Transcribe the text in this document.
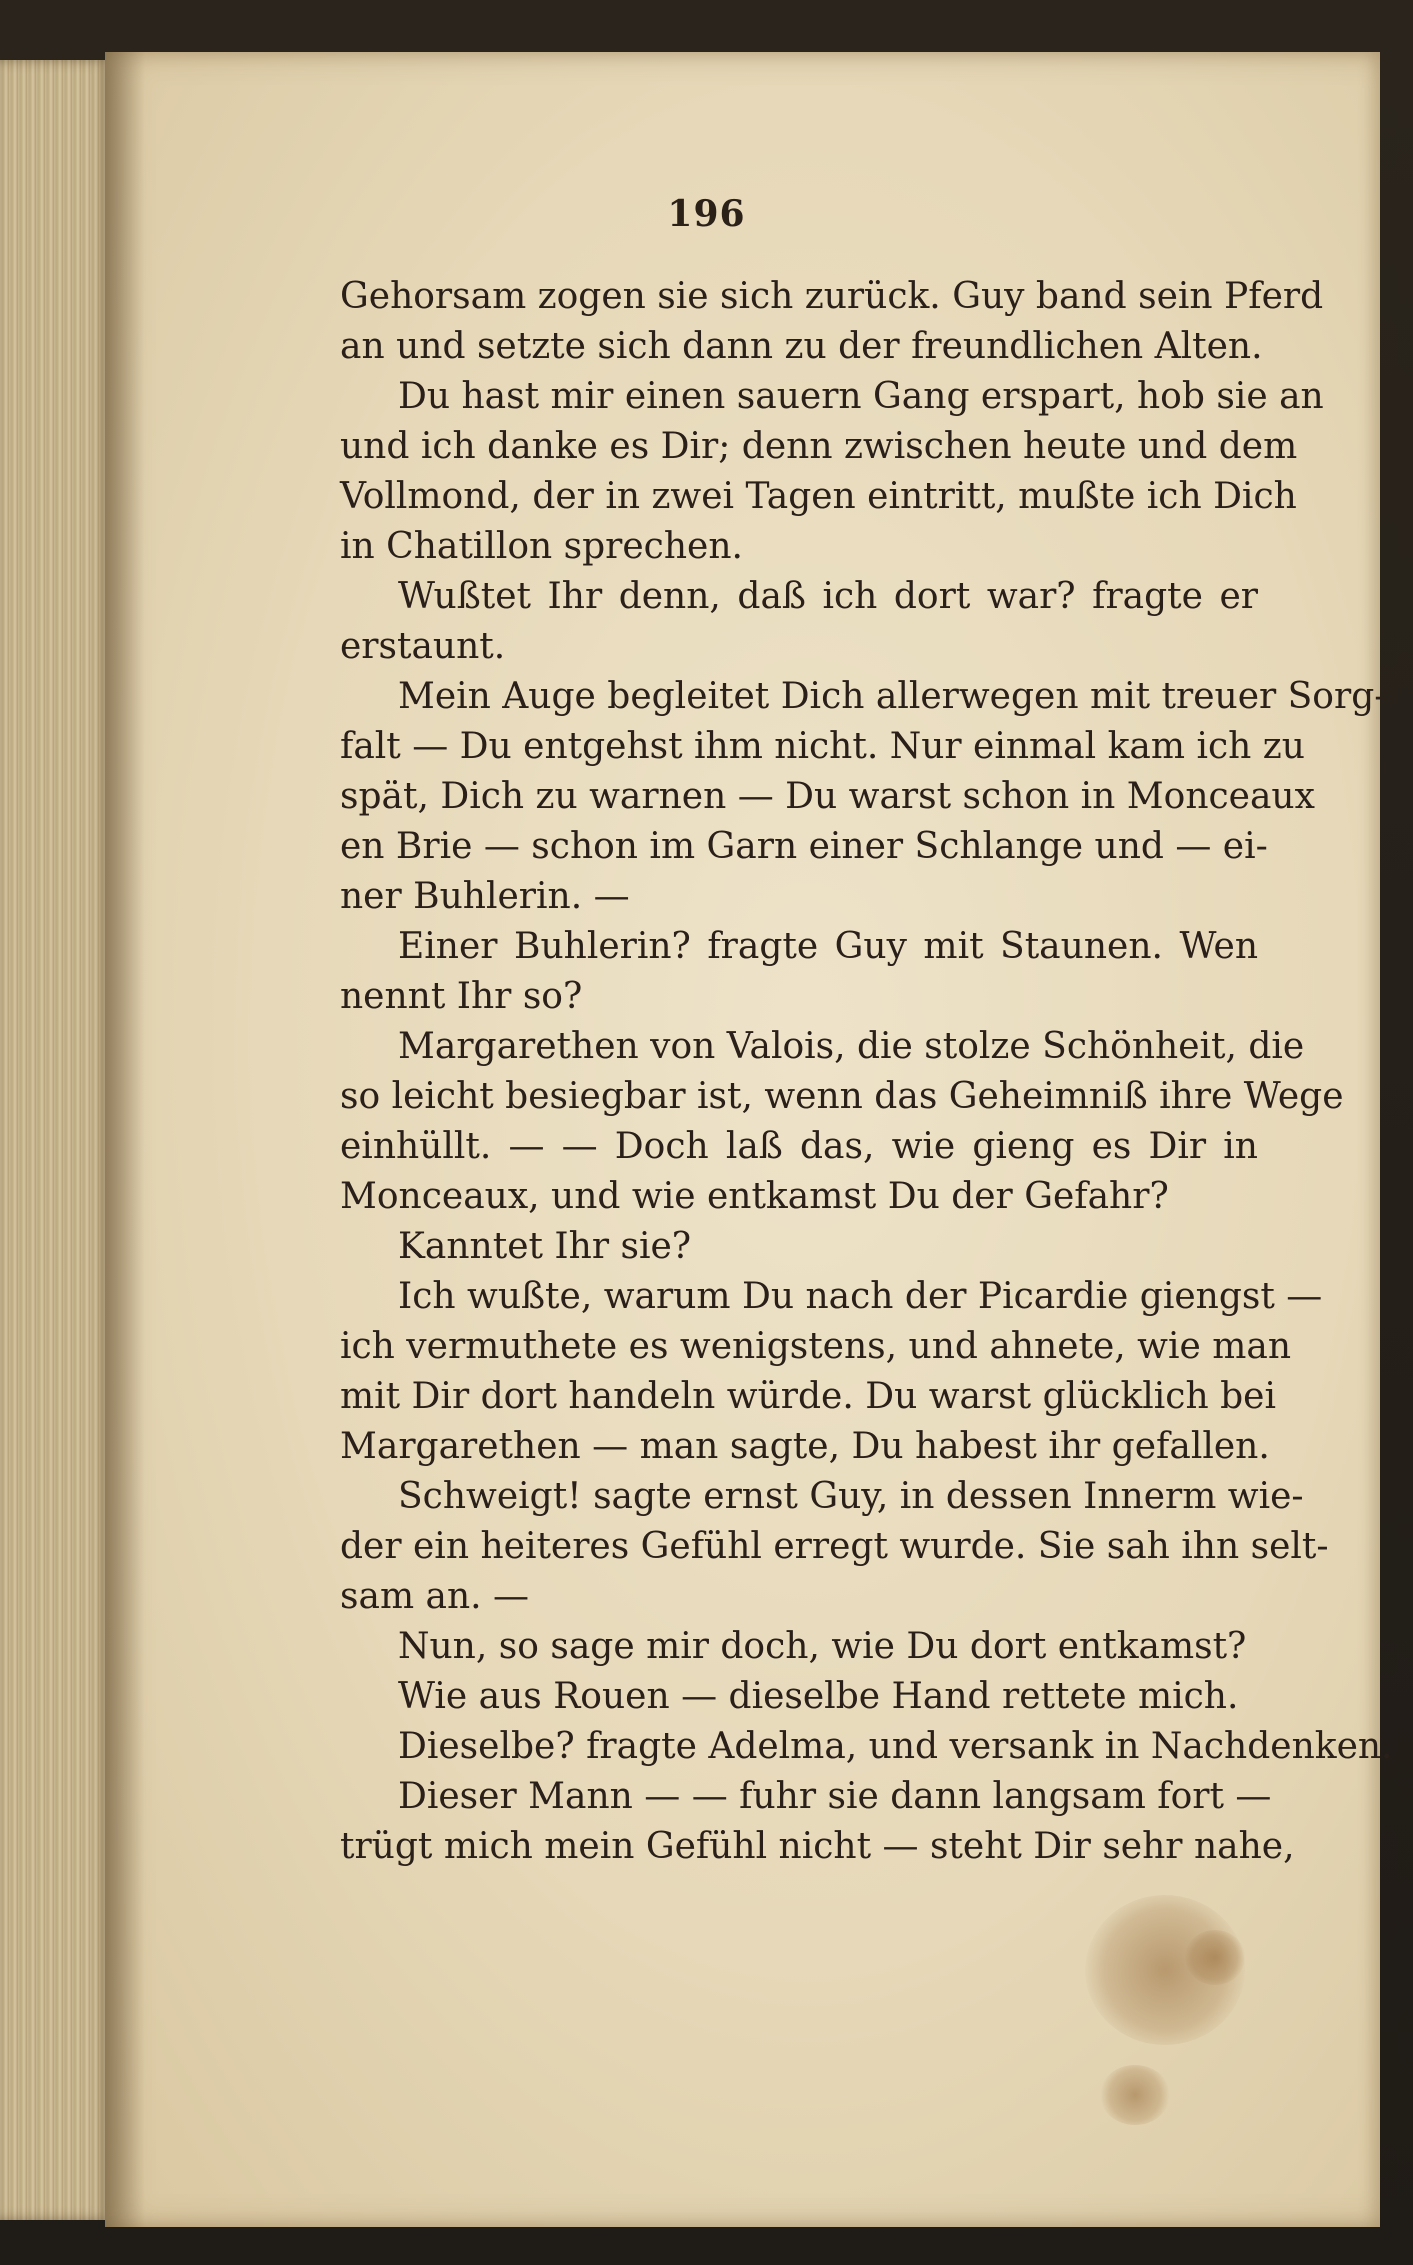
196
Gehorsam zogen sie sich zurück. Guy band sein Pferd
an und setzte sich dann zu der freundlichen Alten.
Du hast mir einen sauern Gang erspart, hob sie an
und ich danke es Dir; denn zwischen heute und dem
Vollmond, der in zwei Tagen eintritt, mußte ich Dich
in Chatillon sprechen.
Wußtet Ihr denn, daß ich dort war? fragte er
erstaunt.
Mein Auge begleitet Dich allerwegen mit treuer Sorg-
falt — Du entgehst ihm nicht. Nur einmal kam ich zu
spät, Dich zu warnen — Du warst schon in Monceaux
en Brie — schon im Garn einer Schlange und — ei-
ner Buhlerin. —
Einer Buhlerin? fragte Guy mit Staunen. Wen
nennt Ihr so?
Margarethen von Valois, die stolze Schönheit, die
so leicht besiegbar ist, wenn das Geheimniß ihre Wege
einhüllt. — — Doch laß das, wie gieng es Dir in
Monceaux, und wie entkamst Du der Gefahr?
Kanntet Ihr sie?
Ich wußte, warum Du nach der Picardie giengst —
ich vermuthete es wenigstens, und ahnete, wie man
mit Dir dort handeln würde. Du warst glücklich bei
Margarethen — man sagte, Du habest ihr gefallen.
Schweigt! sagte ernst Guy, in dessen Innerm wie-
der ein heiteres Gefühl erregt wurde. Sie sah ihn selt-
sam an. —
Nun, so sage mir doch, wie Du dort entkamst?
Wie aus Rouen — dieselbe Hand rettete mich.
Dieselbe? fragte Adelma, und versank in Nachdenken.
Dieser Mann — — fuhr sie dann langsam fort —
trügt mich mein Gefühl nicht — steht Dir sehr nahe,
